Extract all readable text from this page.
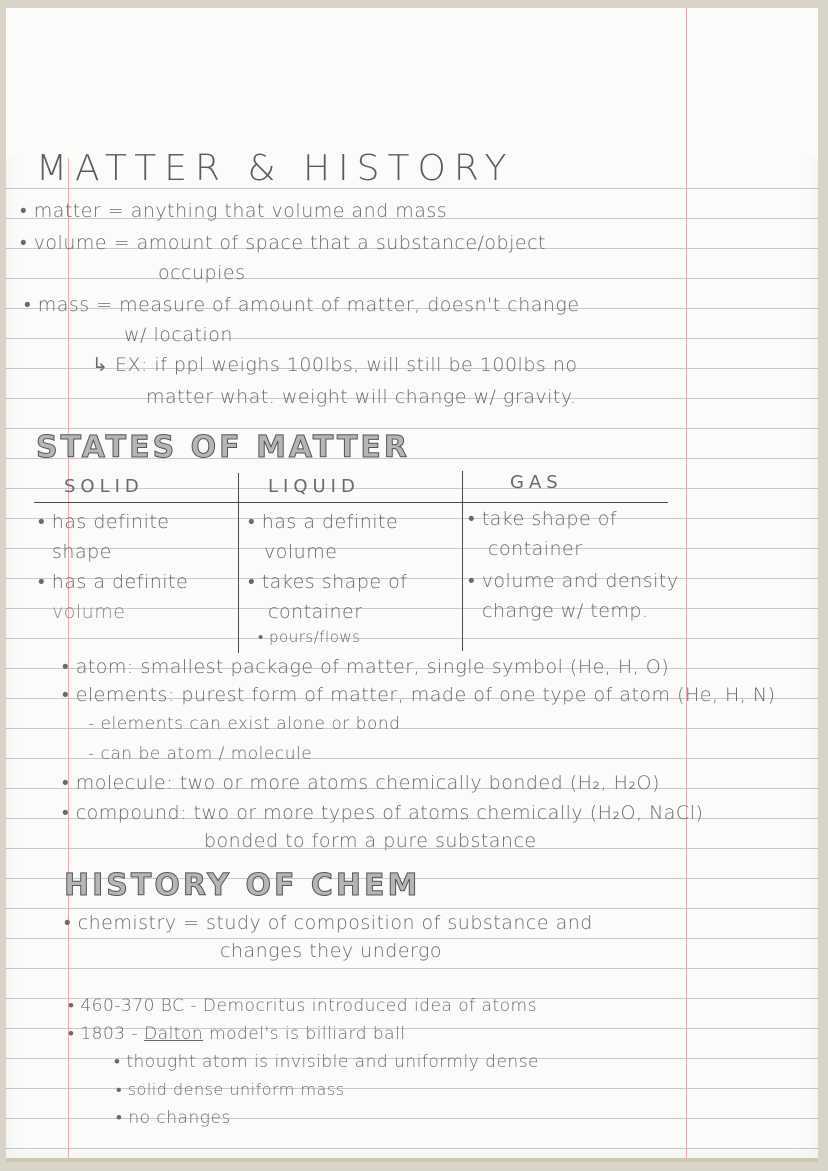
MATTER & HISTORY
• matter = anything that volume and mass
• volume = amount of space that a substance/object
occupies
• mass = measure of amount of matter, doesn't change
w/ location
↳ EX: if ppl weighs 100lbs, will still be 100lbs no
matter what. weight will change w/ gravity.
STATES OF MATTER
SOLID	LIQUID	GAS
• has definite
shape
• has a definite
volume
• has a definite
volume
• takes shape of
container
• pours/flows
• take shape of
container
• volume and density
change w/ temp.
• atom: smallest package of matter, single symbol (He, H, O)
• elements: purest form of matter, made of one type of atom (He, H, N)
- elements can exist alone or bond
- can be atom / molecule
• molecule: two or more atoms chemically bonded (H₂, H₂O)
• compound: two or more types of atoms chemically (H₂O, NaCl)
bonded to form a pure substance
HISTORY OF CHEM
• chemistry = study of composition of substance and
changes they undergo
• 460-370 BC - Democritus introduced idea of atoms
• 1803 - Dalton model's is billiard ball
• thought atom is invisible and uniformly dense
• solid dense uniform mass
• no changes
